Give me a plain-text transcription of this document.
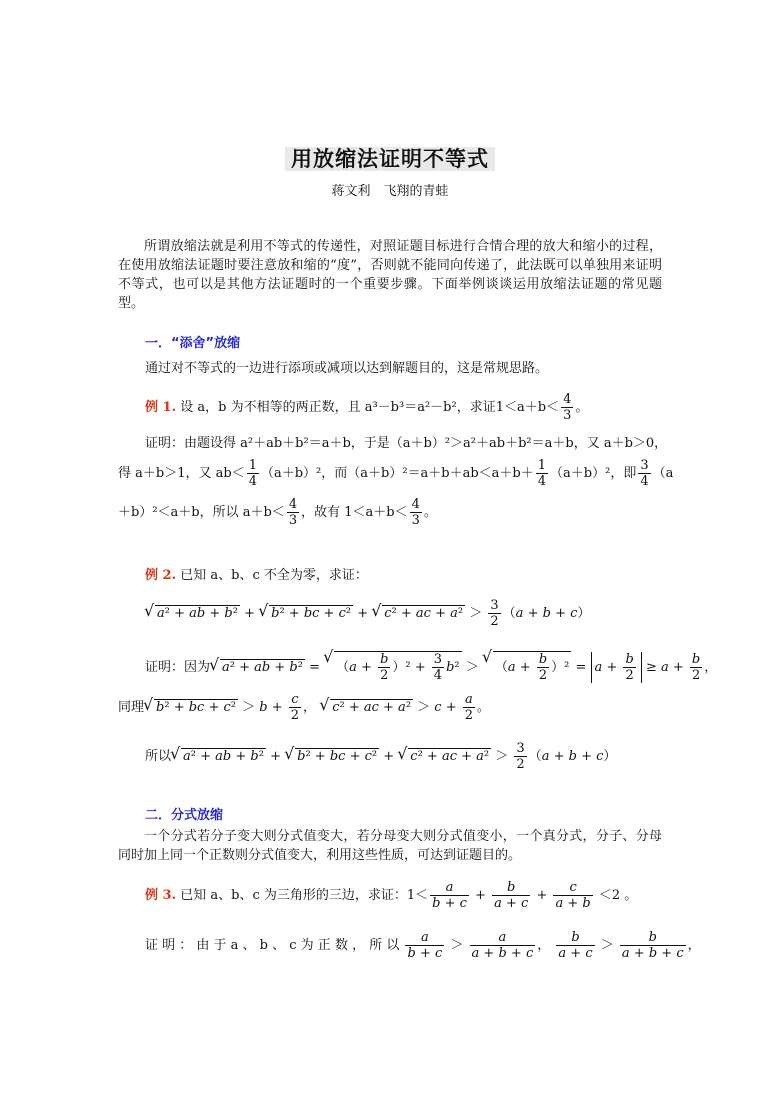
用放缩法证明不等式
蒋文利　飞翔的青蛙
所谓放缩法就是利用不等式的传递性，对照证题目标进行合情合理的放大和缩小的过程，在使用放缩法证题时要注意放和缩的“度”，否则就不能同向传递了，此法既可以单独用来证明不等式，也可以是其他方法证题时的一个重要步骤。下面举例谈谈运用放缩法证题的常见题型。
一．“添舍”放缩
通过对不等式的一边进行添项或减项以达到解题目的，这是常规思路。
例 1. 设 a，b 为不相等的两正数，且 a³－b³＝a²－b²，求证$1<a+b< \frac{4}{3}$ 。
证明：由题设得 a²＋ab＋b²＝a＋b，于是（a＋b）²＞a²＋ab＋b²＝a＋b，又 a＋b＞0，
得 a＋b＞1，又 $ab< \frac{1}{4} (a+b)^2$，而$(a+b)^2=a+b+ab<a+b+ \frac{1}{4} (a+b)^2$，即 $\frac{3}{4} (a$
＋b）²＜a＋b，所以 $a+b< \frac{4}{3}$ ，故有 $1<a+b< \frac{4}{3}$ 。
例 2. 已知 a、b、c 不全为零，求证：
√ a² + ab + b² + √ b² + bc + c² + √ c² + ac + $a^2 > \frac{3}{2} (a + b + c)$
证明：因为 √ a² + ab + b² = √ $(a + \frac{b}{2} )^2 + \frac{3}{4} b^2$ ＞ √ $(a + \frac{b}{2} )^2 = a + \frac{b}{2} \ge a + \frac{b}{2}$ ，
同理 √ b² + bc + $c^2 > b + \frac{c}{2}$ ， √ c² + ac + $a^2 > c + \frac{a}{2}$ 。
所以 √ a² + ab + b² + √ b² + bc + c² + √ c² + ac + $a^2 > \frac{3}{2} (a + b + c)$
二．分式放缩
一个分式若分子变大则分式值变大，若分母变大则分式值变小，一个真分式，分子、分母同时加上同一个正数则分式值变大，利用这些性质，可达到证题目的。
例 3. 已知 a、b、c 为三角形的三边，求证：$1< \frac{a}{b + c} + \frac{b}{a + c} + \frac{c}{a + b} <2$ 。
证 明 ： 由 于 a 、 b 、 c 为 正 数 ， 所 以 $\frac{a}{b + c} > \frac{a}{a + b + c}$ ， $\frac{b}{a + c} > \frac{b}{a + b + c}$ ，
